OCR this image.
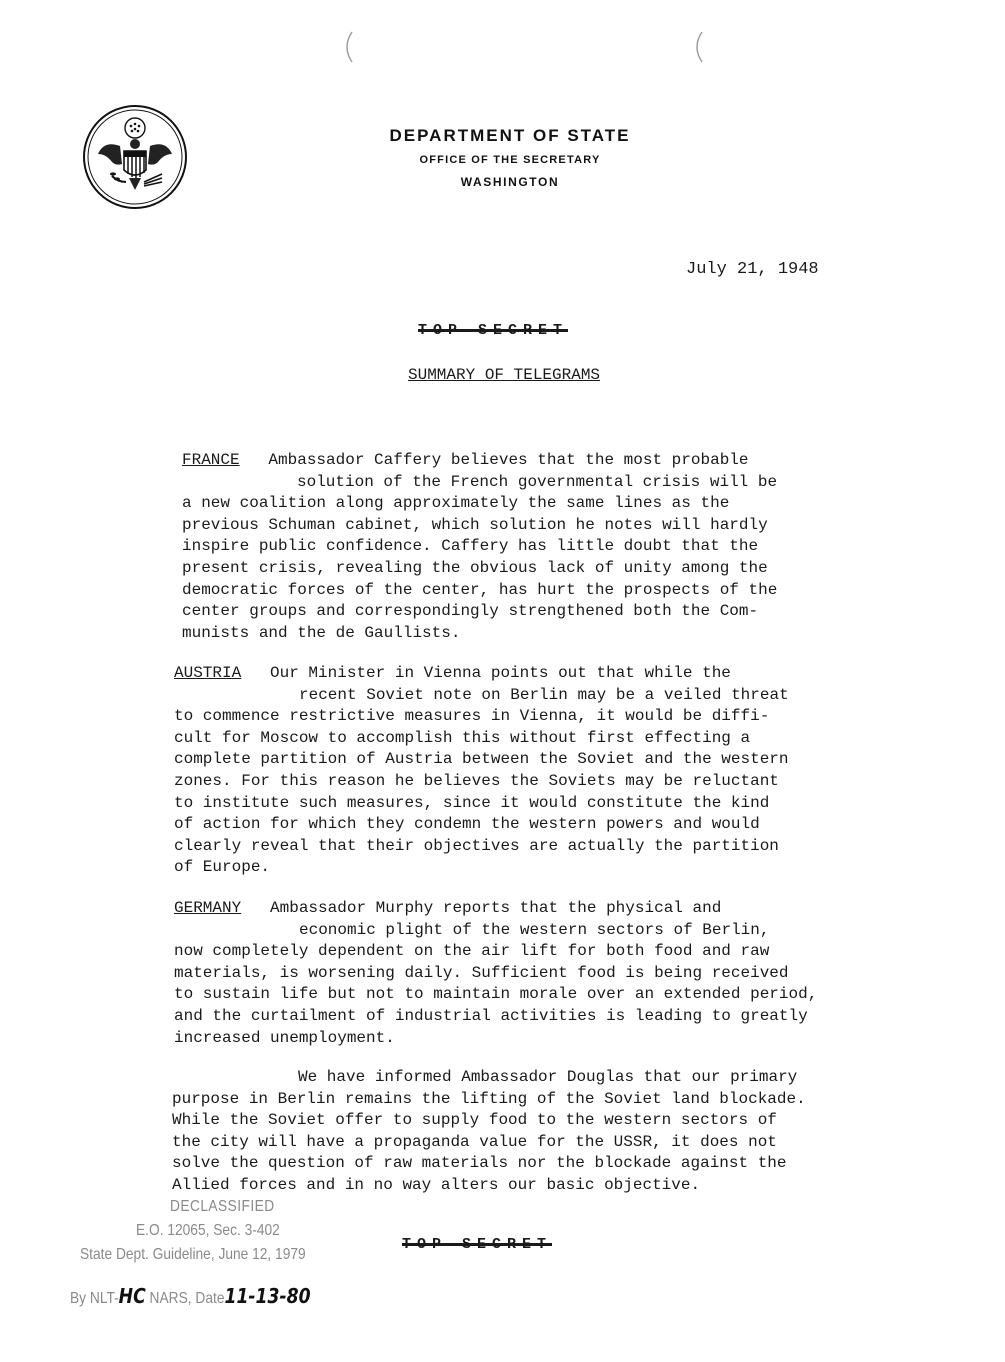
DEPARTMENT OF STATE
OFFICE OF THE SECRETARY
WASHINGTON
July 21, 1948
TOP SECRET
SUMMARY OF TELEGRAMS
FRANCE   Ambassador Caffery believes that the most probable
solution of the French governmental crisis will be
a new coalition along approximately the same lines as the
previous Schuman cabinet, which solution he notes will hardly
inspire public confidence. Caffery has little doubt that the
present crisis, revealing the obvious lack of unity among the
democratic forces of the center, has hurt the prospects of the
center groups and correspondingly strengthened both the Com-
munists and the de Gaullists.
AUSTRIA   Our Minister in Vienna points out that while the
recent Soviet note on Berlin may be a veiled threat
to commence restrictive measures in Vienna, it would be diffi-
cult for Moscow to accomplish this without first effecting a
complete partition of Austria between the Soviet and the western
zones. For this reason he believes the Soviets may be reluctant
to institute such measures, since it would constitute the kind
of action for which they condemn the western powers and would
clearly reveal that their objectives are actually the partition
of Europe.
GERMANY   Ambassador Murphy reports that the physical and
economic plight of the western sectors of Berlin,
now completely dependent on the air lift for both food and raw
materials, is worsening daily. Sufficient food is being received
to sustain life but not to maintain morale over an extended period,
and the curtailment of industrial activities is leading to greatly
increased unemployment.
We have informed Ambassador Douglas that our primary
purpose in Berlin remains the lifting of the Soviet land blockade.
While the Soviet offer to supply food to the western sectors of
the city will have a propaganda value for the USSR, it does not
solve the question of raw materials nor the blockade against the
Allied forces and in no way alters our basic objective.
TOP SECRET
DECLASSIFIED
E.O. 12065, Sec. 3-402
State Dept. Guideline, June 12, 1979
By NLT-HC NARS, Date11-13-80
